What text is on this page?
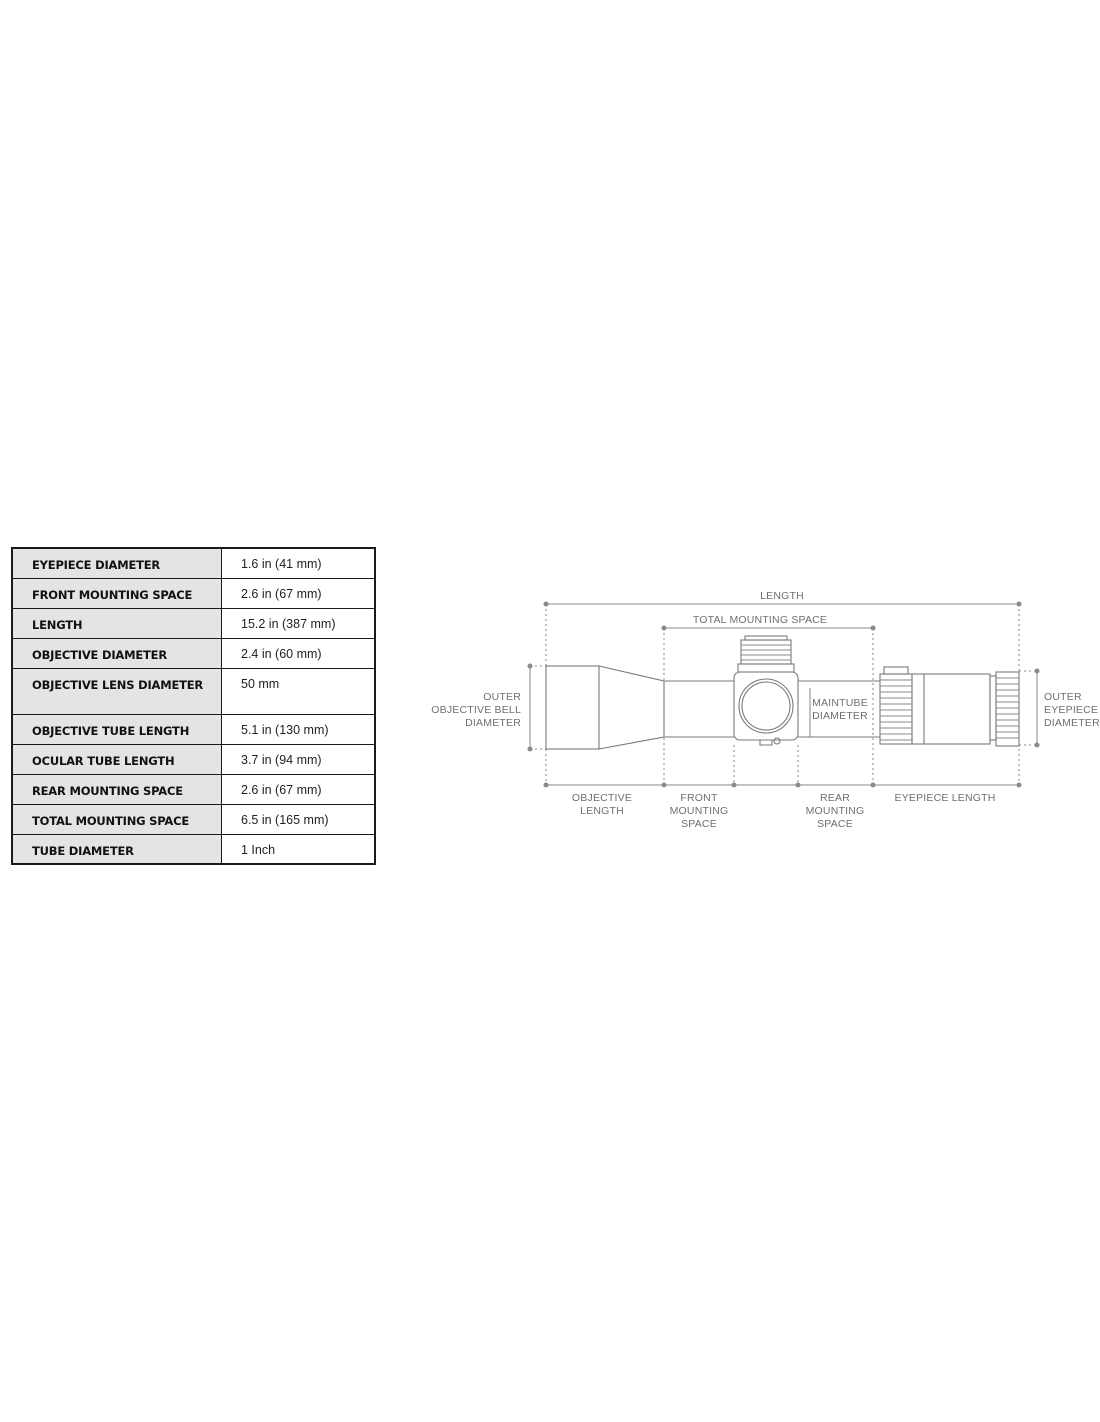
EYEPIECE DIAMETER	1.6 in (41 mm)
FRONT MOUNTING SPACE	2.6 in (67 mm)
LENGTH	15.2 in (387 mm)
OBJECTIVE DIAMETER	2.4 in (60 mm)
OBJECTIVE LENS DIAMETER	50 mm
OBJECTIVE TUBE LENGTH	5.1 in (130 mm)
OCULAR TUBE LENGTH	3.7 in (94 mm)
REAR MOUNTING SPACE	2.6 in (67 mm)
TOTAL MOUNTING SPACE	6.5 in (165 mm)
TUBE DIAMETER	1 Inch
LENGTH
TOTAL MOUNTING SPACE
OUTER
OBJECTIVE BELL
DIAMETER
MAINTUBE
DIAMETER
OUTER
EYEPIECE
DIAMETER
OBJECTIVE
LENGTH
FRONT
MOUNTING
SPACE
REAR
MOUNTING
SPACE
EYEPIECE LENGTH
